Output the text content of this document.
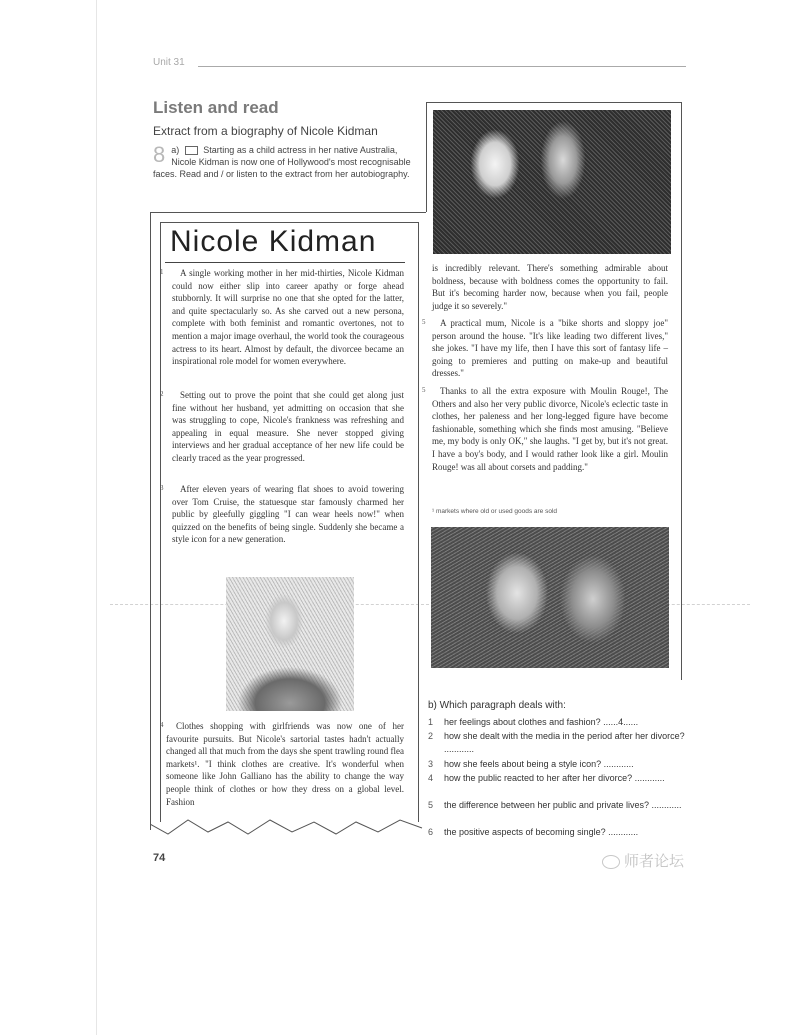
Unit 31
Listen and read

Extract from a biography of Nicole Kidman

8 a)	Starting as a child actress in her native Australia, Nicole Kidman is now one of Hollywood's most recognisable faces. Read and / or listen to the extract from her autobiography.
Nicole Kidman
1	A single working mother in her mid-thirties, Nicole Kidman could now either slip into career apathy or forge ahead stubbornly. It will surprise no one that she opted for the latter, and quite spectacularly so. As she carved out a new persona, complete with both feminist and romantic overtones, not to mention a major image overhaul, the world took the courageous actress to its heart. Almost by default, the divorcee became an inspirational role model for women everywhere.

2	Setting out to prove the point that she could get along just fine without her husband, yet admitting on occasion that she was struggling to cope, Nicole's frankness was refreshing and appealing in equal measure. She never stopped giving interviews and her gradual acceptance of her new life could be clearly traced as the year progressed.

3	After eleven years of wearing flat shoes to avoid towering over Tom Cruise, the statuesque star famously charmed her public by gleefully giggling "I can wear heels now!" when quizzed on the benefits of being single. Suddenly she became a style icon for a new generation.

4	Clothes shopping with girlfriends was now one of her favourite pursuits. But Nicole's sartorial tastes hadn't actually changed all that much from the days she spent trawling round flea markets¹. "I think clothes are creative. It's wonderful when someone like John Galliano has the ability to change the way people think of clothes or how they dress on a global level. Fashion

is incredibly relevant. There's something admirable about boldness, because with boldness comes the opportunity to fail. But it's becoming harder now, because when you fail, people judge it so severely."

5	A practical mum, Nicole is a "bike shorts and sloppy joe" person around the house. "It's like leading two different lives," she jokes. "I have my life, then I have this sort of fantasy life – going to premieres and putting on make-up and beautiful dresses."

5	Thanks to all the extra exposure with Moulin Rouge!, The Others and also her very public divorce, Nicole's eclectic taste in clothes, her paleness and her long-legged figure have become fashionable, something which she finds most amusing. "Believe me, my body is only OK," she laughs. "I get by, but it's not great. I have a boy's body, and I would rather look like a girl. Moulin Rouge! was all about corsets and padding."

¹ markets where old or used goods are sold

b) Which paragraph deals with:

1 her feelings about clothes and fashion? ......4......
2 how she dealt with the media in the period after her divorce? ............
3 how she feels about being a style icon? ............
4 how the public reacted to her after her divorce? ............
5 the difference between her public and private lives? ............
6 the positive aspects of becoming single? ............
74	师者论坛
